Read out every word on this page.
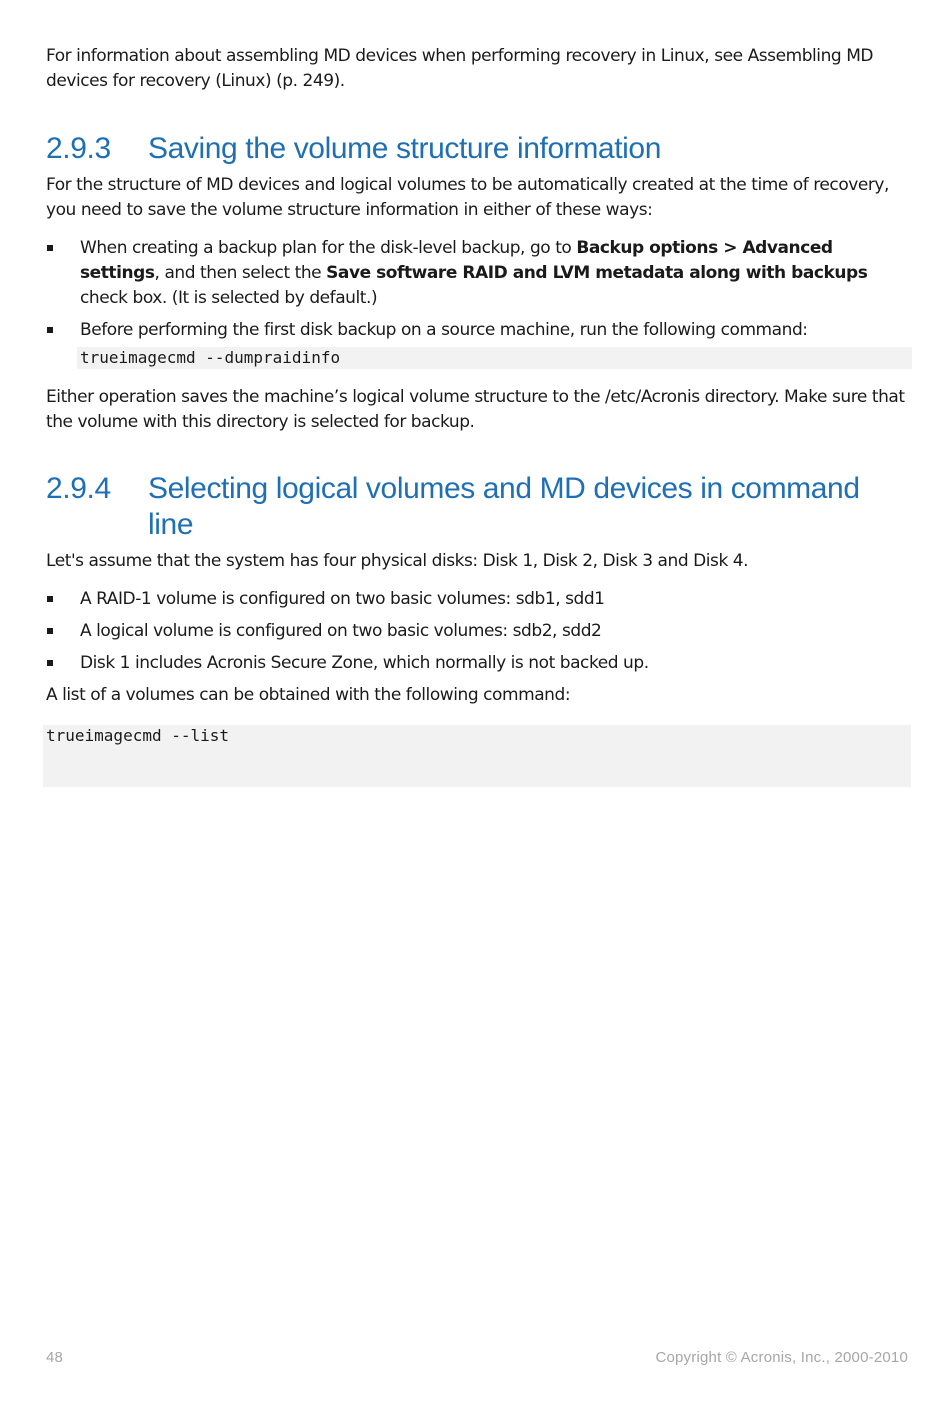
For information about assembling MD devices when performing recovery in Linux, see Assembling MD devices for recovery (Linux) (p. 249).

2.9.3	Saving the volume structure information

For the structure of MD devices and logical volumes to be automatically created at the time of recovery, you need to save the volume structure information in either of these ways:

When creating a backup plan for the disk-level backup, go to Backup options > Advanced settings, and then select the Save software RAID and LVM metadata along with backups check box. (It is selected by default.)
Before performing the first disk backup on a source machine, run the following command:
trueimagecmd --dumpraidinfo

Either operation saves the machine’s logical volume structure to the /etc/Acronis directory. Make sure that the volume with this directory is selected for backup.

2.9.4	Selecting logical volumes and MD devices in command line

Let's assume that the system has four physical disks: Disk 1, Disk 2, Disk 3 and Disk 4.

A RAID-1 volume is configured on two basic volumes: sdb1, sdd1
A logical volume is configured on two basic volumes: sdb2, sdd2
Disk 1 includes Acronis Secure Zone, which normally is not backed up.

A list of a volumes can be obtained with the following command:

trueimagecmd --list
48	Copyright © Acronis, Inc., 2000-2010
